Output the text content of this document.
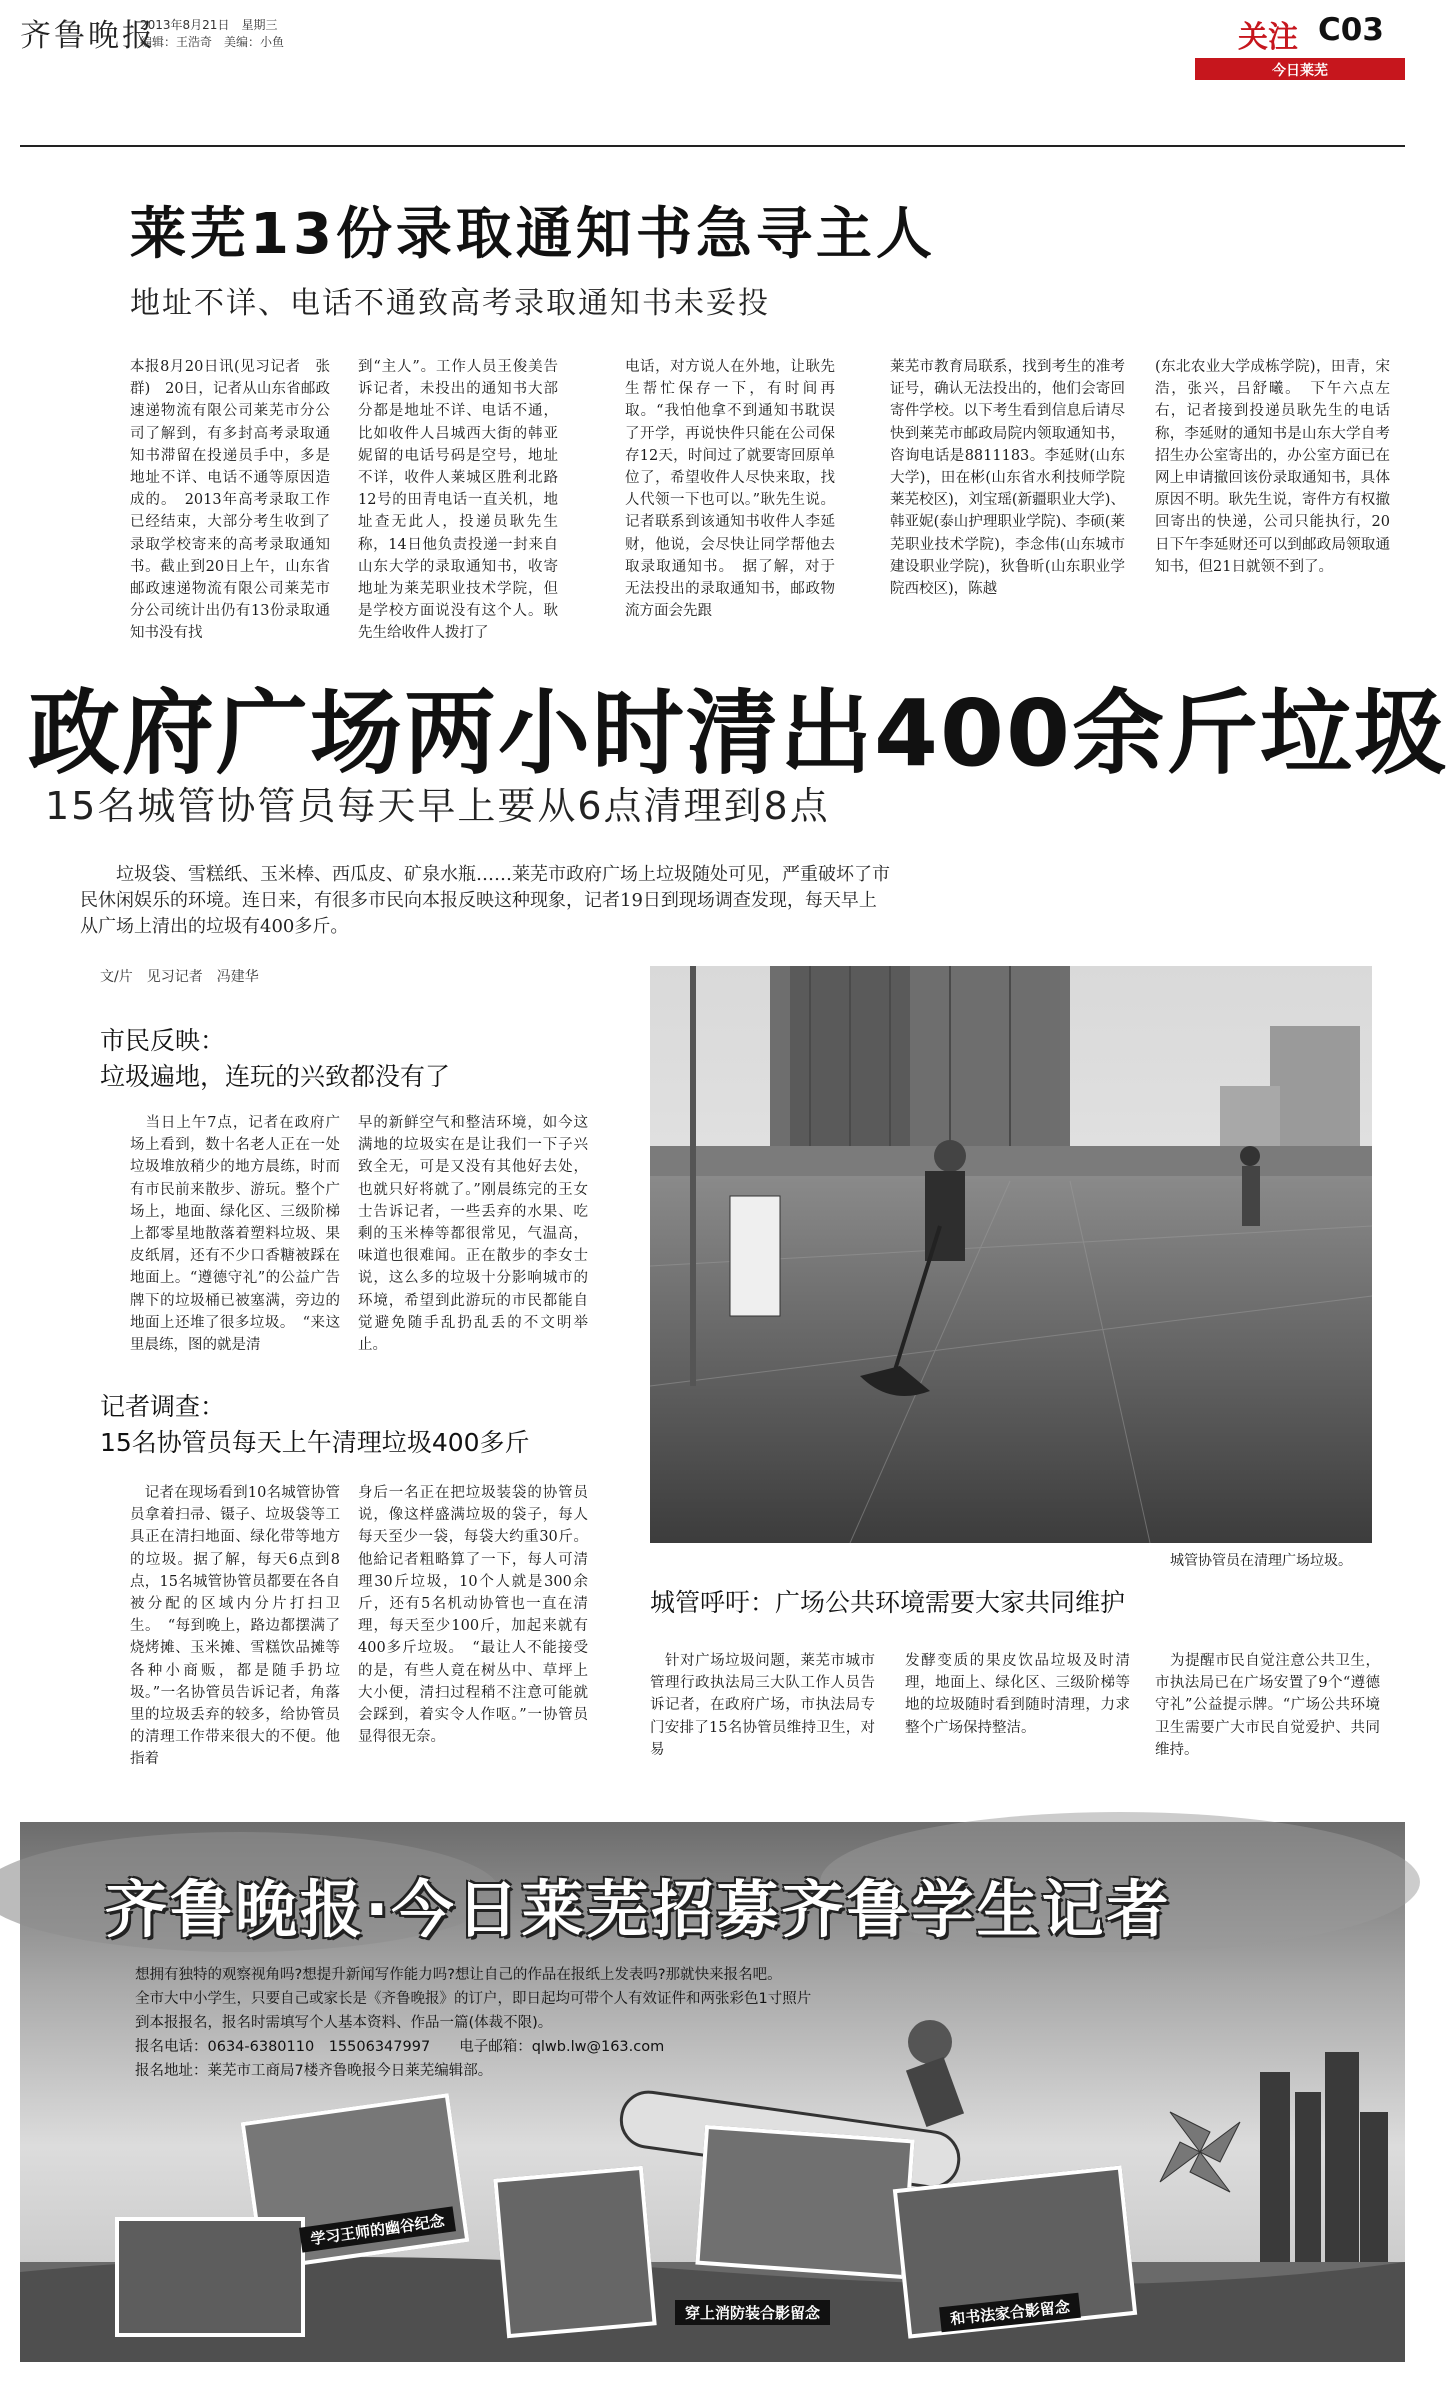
齐鲁晚报
2013年8月21日　星期三
编辑：王浩奇　美编：小鱼	关注 C03
今日莱芜
莱芜13份录取通知书急寻主人
地址不详、电话不通致高考录取通知书未妥投
本报8月20日讯(见习记者　张群)　20日，记者从山东省邮政速递物流有限公司莱芜市分公司了解到，有多封高考录取通知书滞留在投递员手中，多是地址不详、电话不通等原因造成的。　2013年高考录取工作已经结束，大部分考生收到了录取学校寄来的高考录取通知书。截止到20日上午，山东省邮政速递物流有限公司莱芜市分公司统计出仍有13份录取通知书没有找
到“主人”。工作人员王俊美告诉记者，未投出的通知书大部分都是地址不详、电话不通，比如收件人吕城西大街的韩亚妮留的电话号码是空号，地址不详，收件人莱城区胜利北路12号的田青电话一直关机，地址查无此人，投递员耿先生称，14日他负责投递一封来自山东大学的录取通知书，收寄地址为莱芜职业技术学院，但是学校方面说没有这个人。耿先生给收件人拨打了
电话，对方说人在外地，让耿先生帮忙保存一下，有时间再取。“我怕他拿不到通知书耽误了开学，再说快件只能在公司保存12天，时间过了就要寄回原单位了，希望收件人尽快来取，找人代领一下也可以。”耿先生说。记者联系到该通知书收件人李延财，他说，会尽快让同学帮他去取录取通知书。　据了解，对于无法投出的录取通知书，邮政物流方面会先跟
莱芜市教育局联系，找到考生的准考证号，确认无法投出的，他们会寄回寄件学校。以下考生看到信息后请尽快到莱芜市邮政局院内领取通知书，咨询电话是8811183。李延财(山东大学)，田在彬(山东省水利技师学院莱芜校区)，刘宝瑶(新疆职业大学)、韩亚妮(泰山护理职业学院)、李硕(莱芜职业技术学院)，李念伟(山东城市建设职业学院)，狄鲁昕(山东职业学院西校区)，陈越
(东北农业大学成栋学院)，田青，宋浩，张兴，吕舒曦。　下午六点左右，记者接到投递员耿先生的电话称，李延财的通知书是山东大学自考招生办公室寄出的，办公室方面已在网上申请撤回该份录取通知书，具体原因不明。耿先生说，寄件方有权撤回寄出的快递，公司只能执行，20日下午李延财还可以到邮政局领取通知书，但21日就领不到了。
政府广场两小时清出400余斤垃圾
15名城管协管员每天早上要从6点清理到8点
　　垃圾袋、雪糕纸、玉米棒、西瓜皮、矿泉水瓶……莱芜市政府广场上垃圾随处可见，严重破坏了市民休闲娱乐的环境。连日来，有很多市民向本报反映这种现象，记者19日到现场调查发现，每天早上从广场上清出的垃圾有400多斤。
文/片　见习记者　冯建华
市民反映：
垃圾遍地，连玩的兴致都没有了
　当日上午7点，记者在政府广场上看到，数十名老人正在一处垃圾堆放稍少的地方晨练，时而有市民前来散步、游玩。整个广场上，地面、绿化区、三级阶梯上都零星地散落着塑料垃圾、果皮纸屑，还有不少口香糖被踩在地面上。“遵德守礼”的公益广告牌下的垃圾桶已被塞满，旁边的地面上还堆了很多垃圾。　“来这里晨练，图的就是清
早的新鲜空气和整洁环境，如今这满地的垃圾实在是让我们一下子兴致全无，可是又没有其他好去处，也就只好将就了。”刚晨练完的王女士告诉记者，一些丢弃的水果、吃剩的玉米棒等都很常见，气温高，味道也很难闻。正在散步的李女士说，这么多的垃圾十分影响城市的环境，希望到此游玩的市民都能自觉避免随手乱扔乱丢的不文明举止。
记者调查：
15名协管员每天上午清理垃圾400多斤
　记者在现场看到10名城管协管员拿着扫帚、镊子、垃圾袋等工具正在清扫地面、绿化带等地方的垃圾。据了解，每天6点到8点，15名城管协管员都要在各自被分配的区域内分片打扫卫生。　“每到晚上，路边都摆满了烧烤摊、玉米摊、雪糕饮品摊等各种小商贩，都是随手扔垃圾。”一名协管员告诉记者，角落里的垃圾丢弃的较多，给协管员的清理工作带来很大的不便。他指着
身后一名正在把垃圾装袋的协管员说，像这样盛满垃圾的袋子，每人每天至少一袋，每袋大约重30斤。他給记者粗略算了一下，每人可清理30斤垃圾，10个人就是300余斤，还有5名机动协管也一直在清理，每天至少100斤，加起来就有400多斤垃圾。　“最让人不能接受的是，有些人竟在树丛中、草坪上大小便，清扫过程稍不注意可能就会踩到，着实令人作呕。”一协管员显得很无奈。
城管协管员在清理广场垃圾。
城管呼吁：广场公共环境需要大家共同维护
　针对广场垃圾问题，莱芜市城市管理行政执法局三大队工作人员告诉记者，在政府广场，市执法局专门安排了15名协管员维持卫生，对易
发酵变质的果皮饮品垃圾及时清理，地面上、绿化区、三级阶梯等地的垃圾随时看到随时清理，力求整个广场保持整洁。
　为提醒市民自觉注意公共卫生，市执法局已在广场安置了9个“遵德守礼”公益提示牌。“广场公共环境卫生需要广大市民自觉爱护、共同维持。
齐鲁晚报·今日莱芜招募齐鲁学生记者
想拥有独特的观察视角吗?想提升新闻写作能力吗?想让自己的作品在报纸上发表吗?那就快来报名吧。
全市大中小学生，只要自己或家长是《齐鲁晚报》的订户，即日起均可带个人有效证件和两张彩色1寸照片
到本报报名，报名时需填写个人基本资料、作品一篇(体裁不限)。
报名电话：0634-6380110　15506347997　　电子邮箱：qlwb.lw@163.com
报名地址：莱芜市工商局7楼齐鲁晚报今日莱芜编辑部。
学习王师的幽谷纪念
穿上消防装合影留念	和书法家合影留念
